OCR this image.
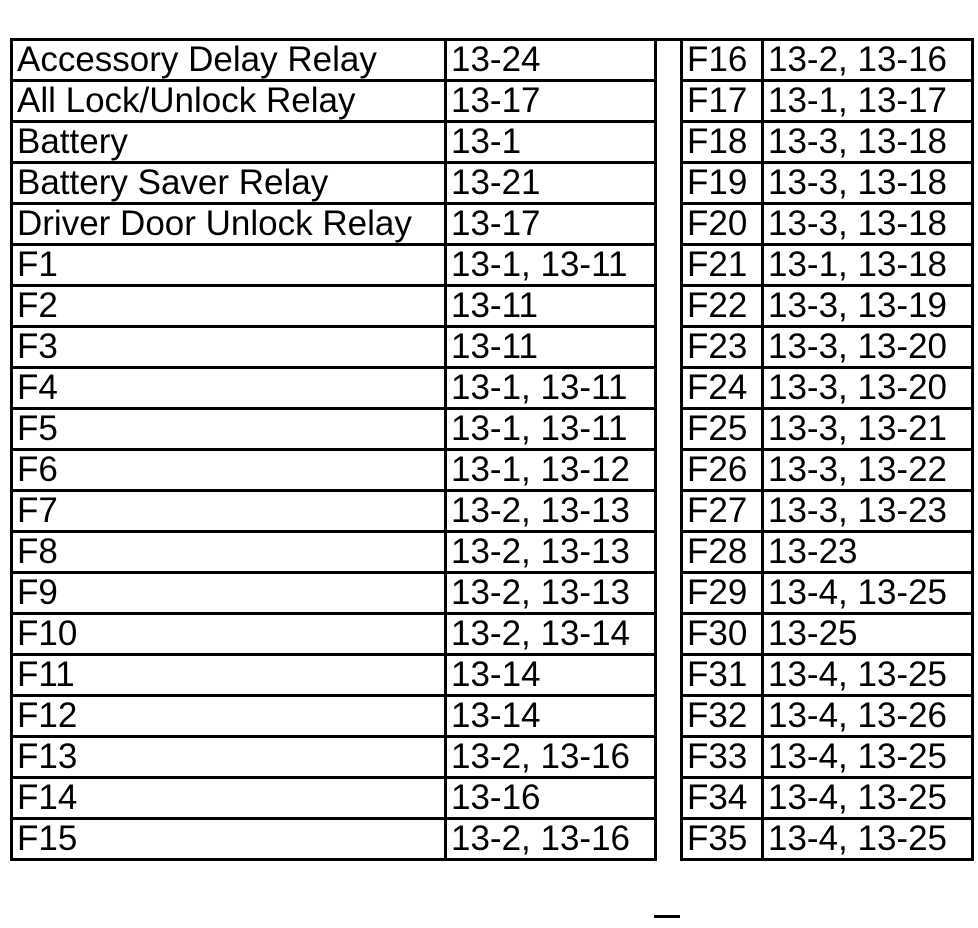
Accessory Delay Relay	13-24
All Lock/Unlock Relay	13-17
Battery	13-1
Battery Saver Relay	13-21
Driver Door Unlock Relay	13-17
F1	13-1, 13-11
F2	13-11
F3	13-11
F4	13-1, 13-11
F5	13-1, 13-11
F6	13-1, 13-12
F7	13-2, 13-13
F8	13-2, 13-13
F9	13-2, 13-13
F10	13-2, 13-14
F11	13-14
F12	13-14
F13	13-2, 13-16
F14	13-16
F15	13-2, 13-16
F16	13-2, 13-16
F17	13-1, 13-17
F18	13-3, 13-18
F19	13-3, 13-18
F20	13-3, 13-18
F21	13-1, 13-18
F22	13-3, 13-19
F23	13-3, 13-20
F24	13-3, 13-20
F25	13-3, 13-21
F26	13-3, 13-22
F27	13-3, 13-23
F28	13-23
F29	13-4, 13-25
F30	13-25
F31	13-4, 13-25
F32	13-4, 13-26
F33	13-4, 13-25
F34	13-4, 13-25
F35	13-4, 13-25
